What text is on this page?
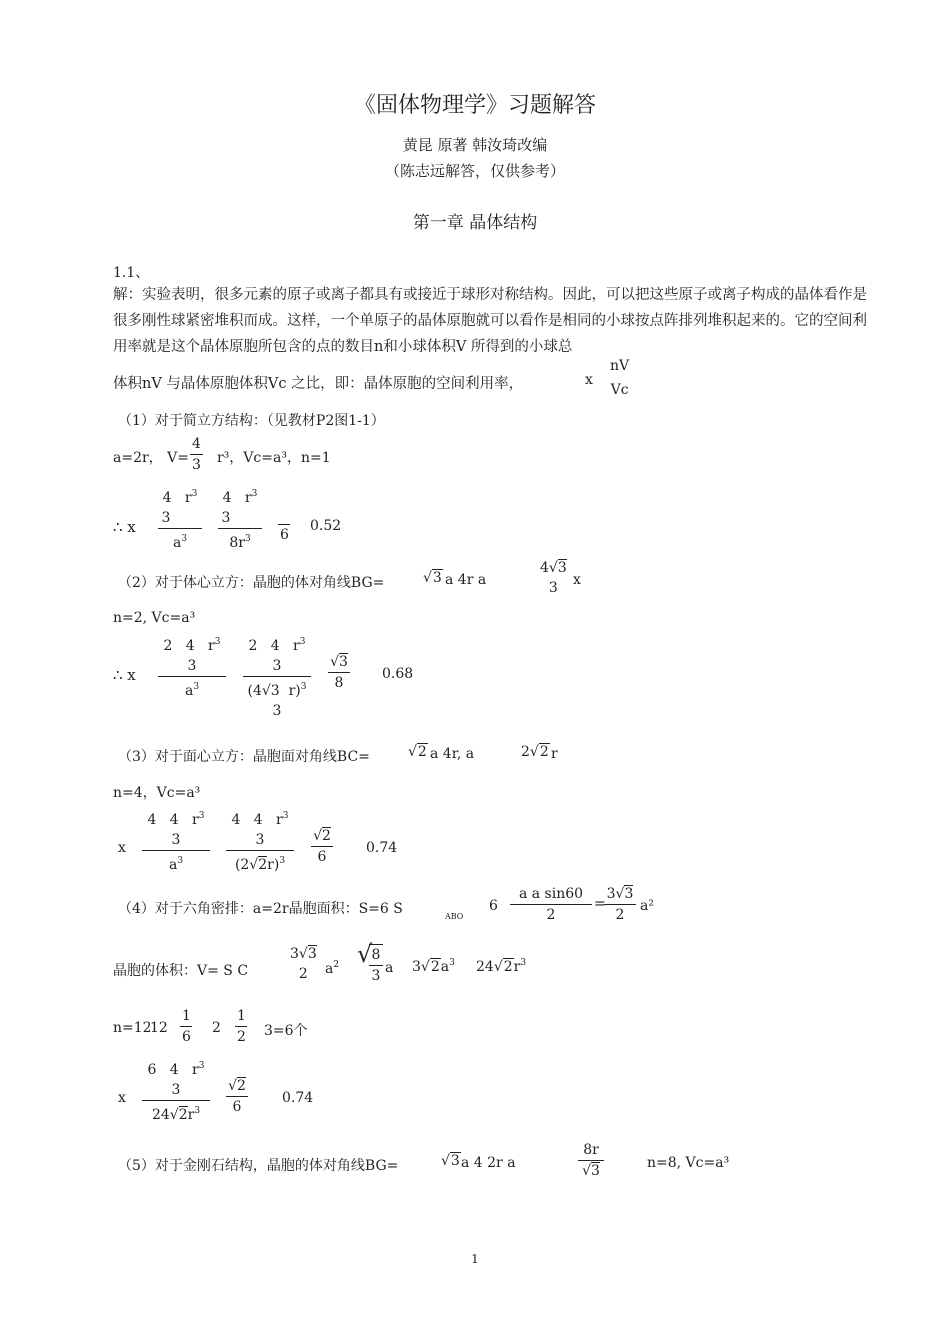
《固体物理学》习题解答
黄昆 原著 韩汝琦改编
（陈志远解答，仅供参考）
第一章 晶体结构
1.1、
解：实验表明，很多元素的原子或离子都具有或接近于球形对称结构。因此，可以把这些原子或离子构成的晶体看作是很多刚性球紧密堆积而成。这样，一个单原子的晶体原胞就可以看作是相同的小球按点阵排列堆积起来的。它的空间利用率就是这个晶体原胞所包含的点的数目n和小球体积V 所得到的小球总
体积nV 与晶体原胞体积Vc 之比，即：晶体原胞的空间利用率，	x
nV
Vc
（1）对于简立方结构：（见教材P2图1-1）
a=2r， V=
4
3 r³，Vc=a³，n=1
∴ x
4   $r^3$
3
$a^3$
4   $r^3$
3
$8r^3$
6
0.52
（2）对于体心立方：晶胞的体对角线BG=	√3 a 4r a
4√3
3 x
n=2, Vc=a³
∴ x
2   4   $r^3$
3
$a^3$
2   4   $r^3$
3
(4√3  r)$^3$
3
√3
8
0.68
（3）对于面心立方：晶胞面对角线BC=	√2 a 4r, a	2√2 r
n=4，Vc=a³
x
4   4   $r^3$
3
$a^3$
4   4   $r^3$
3
$(2√2r)^3$
√2
6
0.74
（4）对于六角密排：a=2r晶胞面积：S=6 S	ABO
6
a a sin60
2
=
3√3
2
a²
晶胞的体积：V= S C
3√3
2 $a^2$ √ 8
3 a $3√2a^3$ $24√2r^3$
n=12
12
1
6
2
1
2 3=6个
x
6   4   $r^3$
3
$24√2r^3$
√2
6
0.74
（5）对于金刚石结构，晶胞的体对角线BG=	√3 a 4 2r a
8r
√3	n=8, Vc=a³
1
